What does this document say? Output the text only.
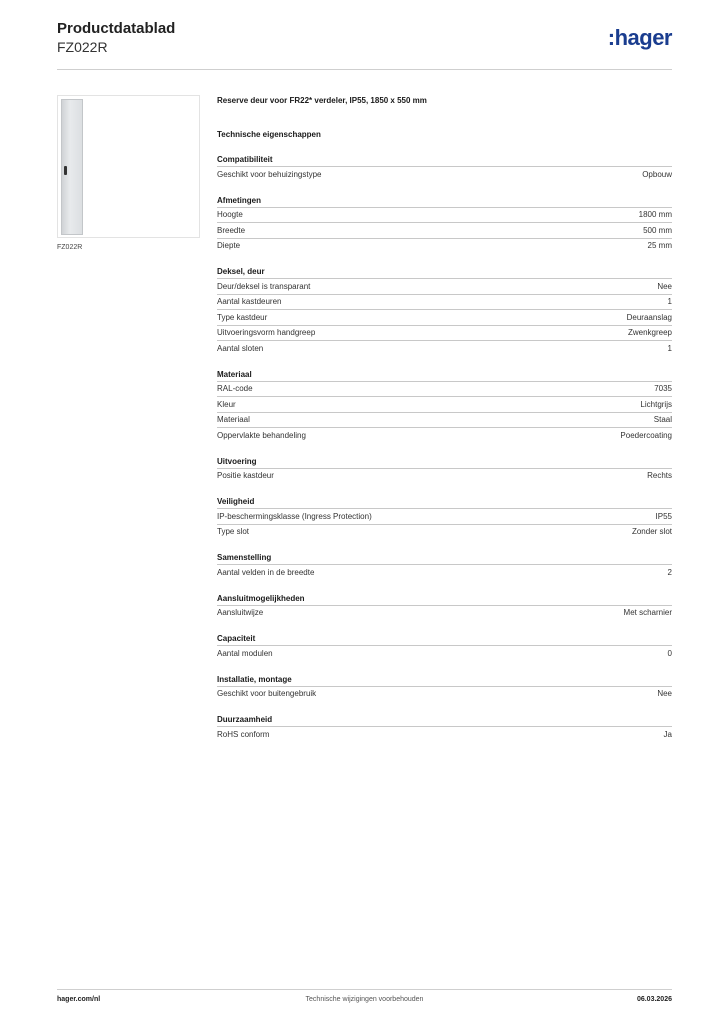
Productdatablad
FZ022R	:hager
FZ022R
Reserve deur voor FR22* verdeler, IP55, 1850 x 550 mm
Technische eigenschappen
Compatibiliteit
Geschikt voor behuizingstype	Opbouw
Afmetingen
Hoogte	1800 mm
Breedte	500 mm
Diepte	25 mm
Deksel, deur
Deur/deksel is transparant	Nee
Aantal kastdeuren	1
Type kastdeur	Deuraanslag
Uitvoeringsvorm handgreep	Zwenkgreep
Aantal sloten	1
Materiaal
RAL-code	7035
Kleur	Lichtgrijs
Materiaal	Staal
Oppervlakte behandeling	Poedercoating
Uitvoering
Positie kastdeur	Rechts
Veiligheid
IP-beschermingsklasse (Ingress Protection)	IP55
Type slot	Zonder slot
Samenstelling
Aantal velden in de breedte	2
Aansluitmogelijkheden
Aansluitwijze	Met scharnier
Capaciteit
Aantal modulen	0
Installatie, montage
Geschikt voor buitengebruik	Nee
Duurzaamheid
RoHS conform	Ja
Technische wijzigingen voorbehouden
hager.com/nl	06.03.2026
